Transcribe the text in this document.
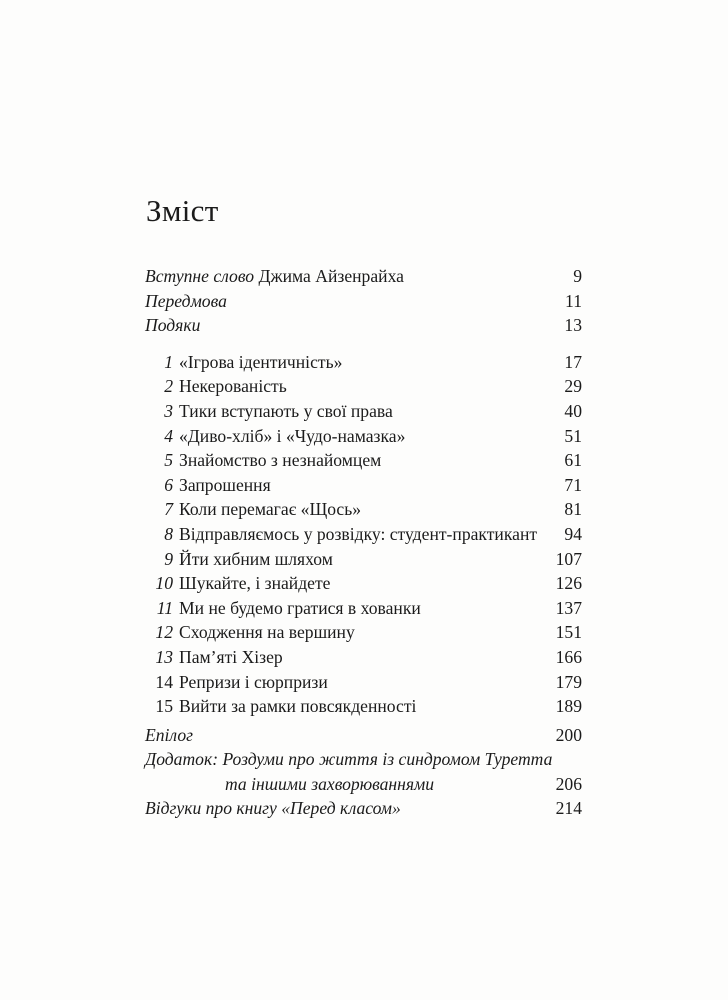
Зміст
Вступне слово Джима Айзенрайха	9
Передмова	11
Подяки	13
1 «Ігрова ідентичність»	17
2 Некерованість	29
3 Тики вступають у свої права	40
4 «Диво-хліб» і «Чудо-намазка»	51
5 Знайомство з незнайомцем	61
6 Запрошення	71
7 Коли перемагає «Щось»	81
8 Відправляємось у розвідку: студент-практикант 94
9 Йти хибним шляхом	107
10 Шукайте, і знайдете	126
11 Ми не будемо гратися в хованки	137
12 Сходження на вершину	151
13 Пам’яті Хізер	166
14 Репризи і сюрпризи	179
15 Вийти за рамки повсякденності	189
Епілог	200
Додаток: Роздуми про життя із синдромом Туретта
та іншими захворюваннями	206
Відгуки про книгу «Перед класом»	214
